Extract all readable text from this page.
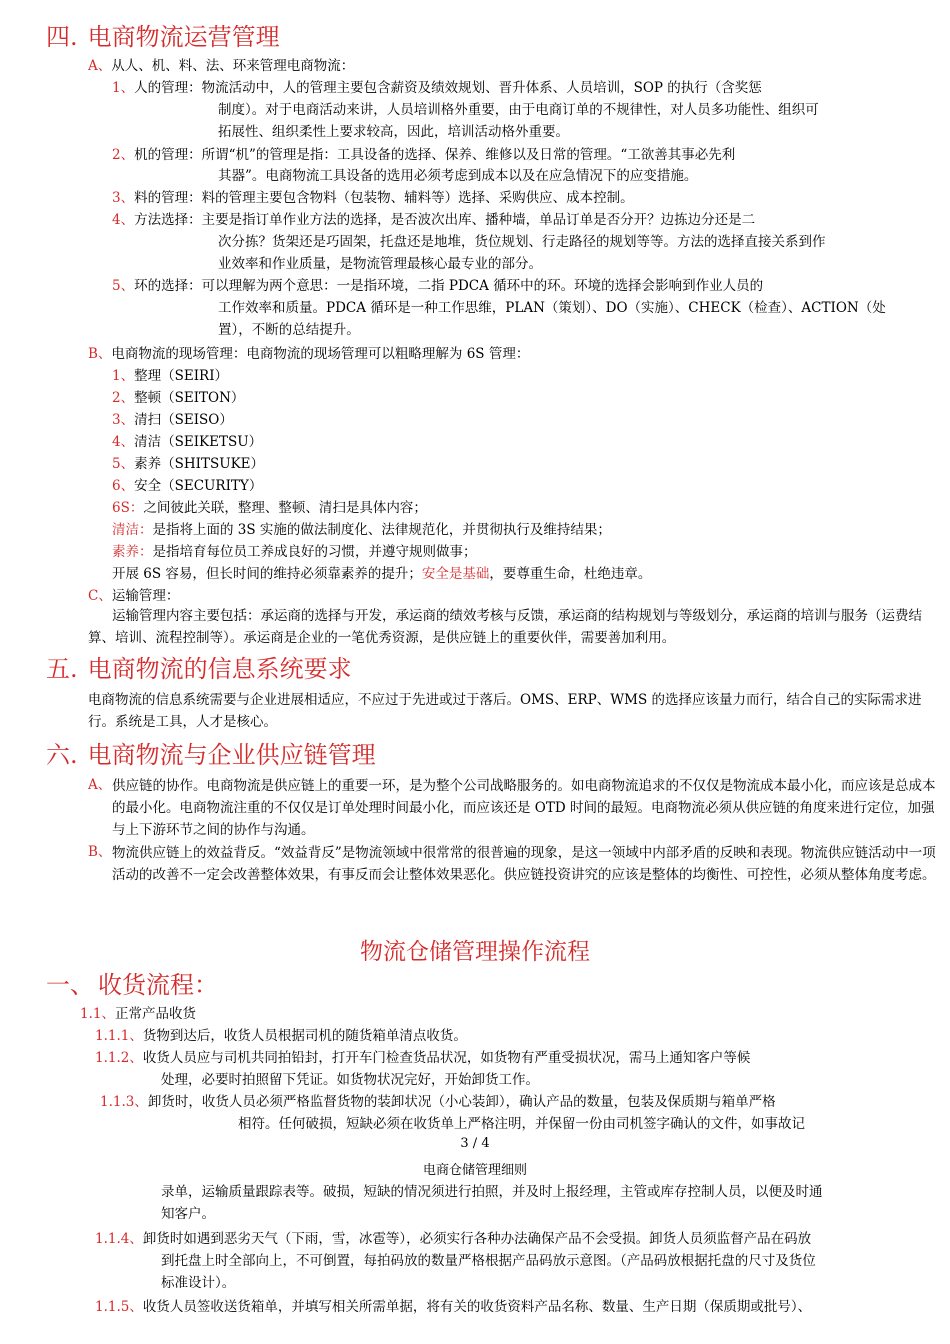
四. 电商物流运营管理
A、从人、机、料、法、环来管理电商物流：
1、人的管理：物流活动中，人的管理主要包含薪资及绩效规划、晋升体系、人员培训，SOP 的执行（含奖惩
制度）。对于电商活动来讲，人员培训格外重要，由于电商订单的不规律性，对人员多功能性、组织可
拓展性、组织柔性上要求较高，因此，培训活动格外重要。
2、机的管理：所谓“机”的管理是指：工具设备的选择、保养、维修以及日常的管理。“工欲善其事必先利
其器”。电商物流工具设备的选用必须考虑到成本以及在应急情况下的应变措施。
3、料的管理：料的管理主要包含物料（包装物、辅料等）选择、采购供应、成本控制。
4、方法选择：主要是指订单作业方法的选择，是否波次出库、播种墙，单品订单是否分开？边拣边分还是二
次分拣？货架还是巧固架，托盘还是地堆，货位规划、行走路径的规划等等。方法的选择直接关系到作
业效率和作业质量，是物流管理最核心最专业的部分。
5、环的选择：可以理解为两个意思：一是指环境，二指 PDCA 循环中的环。环境的选择会影响到作业人员的
工作效率和质量。PDCA 循环是一种工作思维，PLAN（策划）、DO（实施）、CHECK（检查）、ACTION（处
置），不断的总结提升。
B、电商物流的现场管理：电商物流的现场管理可以粗略理解为 6S 管理：
1、整理（SEIRI）
2、整顿（SEITON）
3、清扫（SEISO）
4、清洁（SEIKETSU）
5、素养（SHITSUKE）
6、安全（SECURITY）
6S：之间彼此关联，整理、整顿、清扫是具体内容；
清洁：是指将上面的 3S 实施的做法制度化、法律规范化，并贯彻执行及维持结果；
素养：是指培育每位员工养成良好的习惯，并遵守规则做事；
开展 6S 容易，但长时间的维持必须靠素养的提升；安全是基础，要尊重生命，杜绝违章。
C、运输管理：
运输管理内容主要包括：承运商的选择与开发，承运商的绩效考核与反馈，承运商的结构规划与等级划分，承运商的培训与服务（运费结算、培训、流程控制等）。承运商是企业的一笔优秀资源，是供应链上的重要伙伴，需要善加利用。
五. 电商物流的信息系统要求
电商物流的信息系统需要与企业进展相适应，不应过于先进或过于落后。OMS、ERP、WMS 的选择应该量力而行，结合自己的实际需求进行。系统是工具，人才是核心。
六. 电商物流与企业供应链管理
A、 供应链的协作。电商物流是供应链上的重要一环，是为整个公司战略服务的。如电商物流追求的不仅仅是物流成本最小化，而应该是总成本的最小化。电商物流注重的不仅仅是订单处理时间最小化，而应该还是 OTD 时间的最短。电商物流必须从供应链的角度来进行定位，加强与上下游环节之间的协作与沟通。
B、 物流供应链上的效益背反。“效益背反”是物流领域中很常常的很普遍的现象，是这一领域中内部矛盾的反映和表现。物流供应链活动中一项活动的改善不一定会改善整体效果，有事反而会让整体效果恶化。供应链投资讲究的应该是整体的均衡性、可控性，必须从整体角度考虑。
物流仓储管理操作流程
一、 收货流程：
1.1、正常产品收货
1.1.1、货物到达后，收货人员根据司机的随货箱单清点收货。
1.1.2、收货人员应与司机共同拍铅封，打开车门检查货品状况，如货物有严重受损状况，需马上通知客户等候
处理，必要时拍照留下凭证。如货物状况完好，开始卸货工作。
1.1.3、卸货时，收货人员必须严格监督货物的装卸状况（小心装卸），确认产品的数量，包装及保质期与箱单严格
相符。任何破损，短缺必须在收货单上严格注明，并保留一份由司机签字确认的文件，如事故记
3 / 4
电商仓储管理细则
录单，运输质量跟踪表等。破损，短缺的情况须进行拍照，并及时上报经理，主管或库存控制人员，以便及时通
知客户。
1.1.4、卸货时如遇到恶劣天气（下雨，雪，冰雹等），必须实行各种办法确保产品不会受损。卸货人员须监督产品在码放
到托盘上时全部向上，不可倒置，每拍码放的数量严格根据产品码放示意图。（产品码放根据托盘的尺寸及货位
标准设计）。
1.1.5、收货人员签收送货箱单，并填写相关所需单据，将有关的收货资料产品名称、数量、生产日期（保质期或批号）、
